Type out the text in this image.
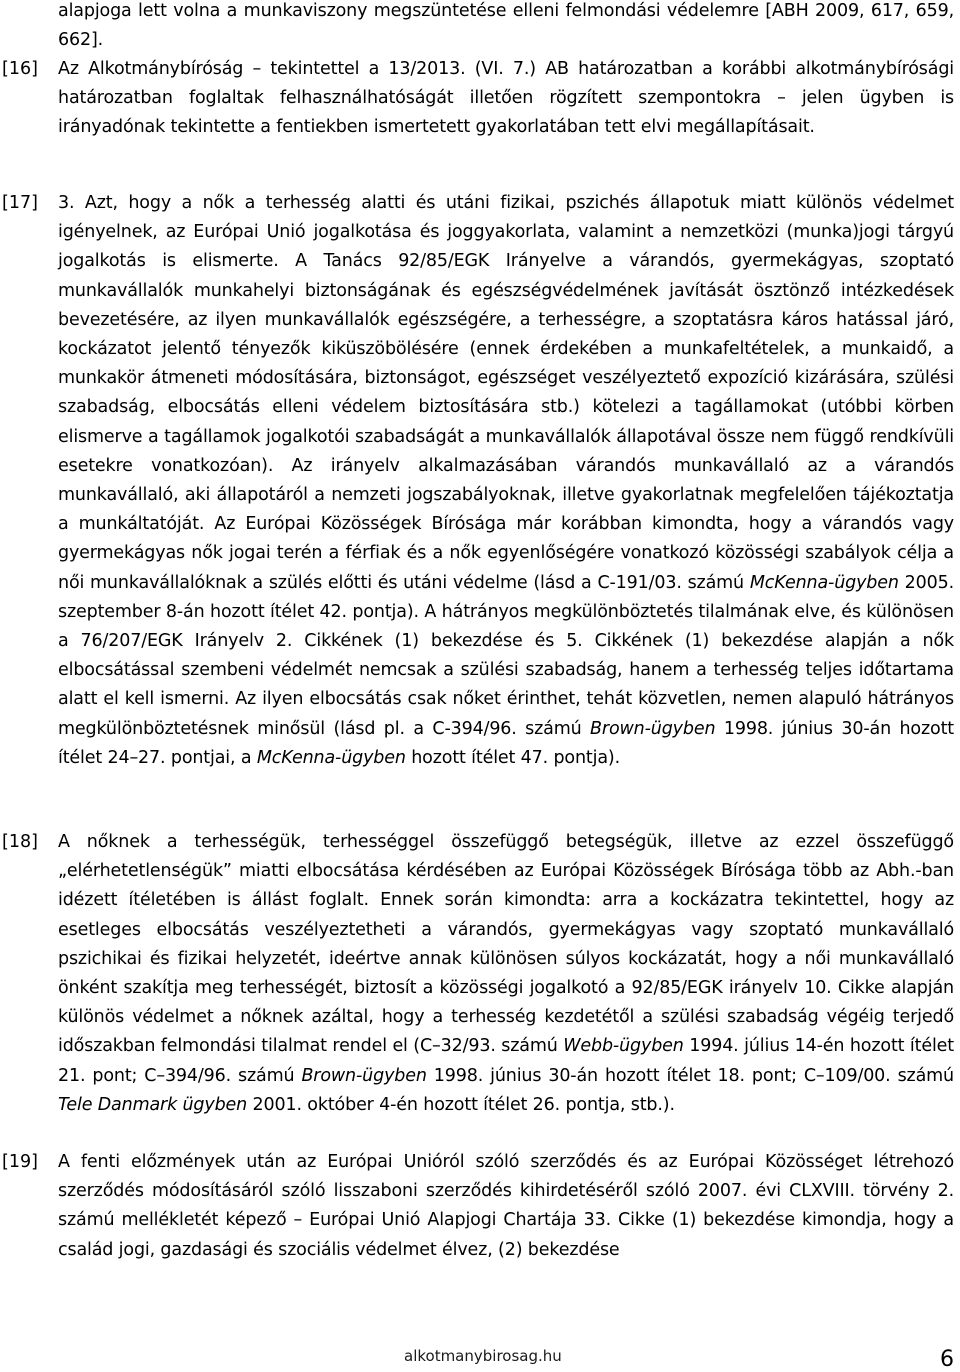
alapjoga lett volna a munkaviszony megszüntetése elleni felmondási védelemre [ABH 2009, 617, 659, 662].
[16] Az Alkotmánybíróság – tekintettel a 13/2013. (VI. 7.) AB határozatban a korábbi alkotmánybírósági határozatban foglaltak felhasználhatóságát illetően rögzített szempontokra – jelen ügyben is irányadónak tekintette a fentiekben ismertetett gyakorlatában tett elvi megállapításait.
[17] 3. Azt, hogy a nők a terhesség alatti és utáni fizikai, pszichés állapotuk miatt különös védelmet igényelnek, az Európai Unió jogalkotása és joggyakorlata, valamint a nemzetközi (munka)jogi tárgyú jogalkotás is elismerte. A Tanács 92/85/EGK Irányelve a várandós, gyermekágyas, szoptató munkavállalók munkahelyi biztonságának és egészségvédelmének javítását ösztönző intézkedések bevezetésére, az ilyen munkavállalók egészségére, a terhességre, a szoptatásra káros hatással járó, kockázatot jelentő tényezők kiküszöbölésére (ennek érdekében a munkafeltételek, a munkaidő, a munkakör átmeneti módosítására, biztonságot, egészséget veszélyeztető expozíció kizárására, szülési szabadság, elbocsátás elleni védelem biztosítására stb.) kötelezi a tagállamokat (utóbbi körben elismerve a tagállamok jogalkotói szabadságát a munkavállalók állapotával össze nem függő rendkívüli esetekre vonatkozóan). Az irányelv alkalmazásában várandós munkavállaló az a várandós munkavállaló, aki állapotáról a nemzeti jogszabályoknak, illetve gyakorlatnak megfelelően tájékoztatja a munkáltatóját. Az Európai Közösségek Bírósága már korábban kimondta, hogy a várandós vagy gyermekágyas nők jogai terén a férfiak és a nők egyenlőségére vonatkozó közösségi szabályok célja a női munkavállalóknak a szülés előtti és utáni védelme (lásd a C-191/03. számú McKenna-ügyben 2005. szeptember 8-án hozott ítélet 42. pontja). A hátrányos megkülönböztetés tilalmának elve, és különösen a 76/207/EGK Irányelv 2. Cikkének (1) bekezdése és 5. Cikkének (1) bekezdése alapján a nők elbocsátással szembeni védelmét nemcsak a szülési szabadság, hanem a terhesség teljes időtartama alatt el kell ismerni. Az ilyen elbocsátás csak nőket érinthet, tehát közvetlen, nemen alapuló hátrányos megkülönböztetésnek minősül (lásd pl. a C-394/96. számú Brown-ügyben 1998. június 30-án hozott ítélet 24–27. pontjai, a McKenna-ügyben hozott ítélet 47. pontja).
[18] A nőknek a terhességük, terhességgel összefüggő betegségük, illetve az ezzel összefüggő „elérhetetlenségük” miatti elbocsátása kérdésében az Európai Közösségek Bírósága több az Abh.-ban idézett ítéletében is állást foglalt. Ennek során kimondta: arra a kockázatra tekintettel, hogy az esetleges elbocsátás veszélyeztetheti a várandós, gyermekágyas vagy szoptató munkavállaló pszichikai és fizikai helyzetét, ideértve annak különösen súlyos kockázatát, hogy a női munkavállaló önként szakítja meg terhességét, biztosít a közösségi jogalkotó a 92/85/EGK irányelv 10. Cikke alapján különös védelmet a nőknek azáltal, hogy a terhesség kezdetétől a szülési szabadság végéig terjedő időszakban felmondási tilalmat rendel el (C–32/93. számú Webb-ügyben 1994. július 14-én hozott ítélet 21. pont; C–394/96. számú Brown-ügyben 1998. június 30-án hozott ítélet 18. pont; C–109/00. számú Tele Danmark ügyben 2001. október 4-én hozott ítélet 26. pontja, stb.).
[19] A fenti előzmények után az Európai Unióról szóló szerződés és az Európai Közösséget létrehozó szerződés módosításáról szóló lisszaboni szerződés kihirdetéséről szóló 2007. évi CLXVIII. törvény 2. számú mellékletét képező – Európai Unió Alapjogi Chartája 33. Cikke (1) bekezdése kimondja, hogy a család jogi, gazdasági és szociális védelmet élvez, (2) bekezdése
alkotmanybirosag.hu	6
